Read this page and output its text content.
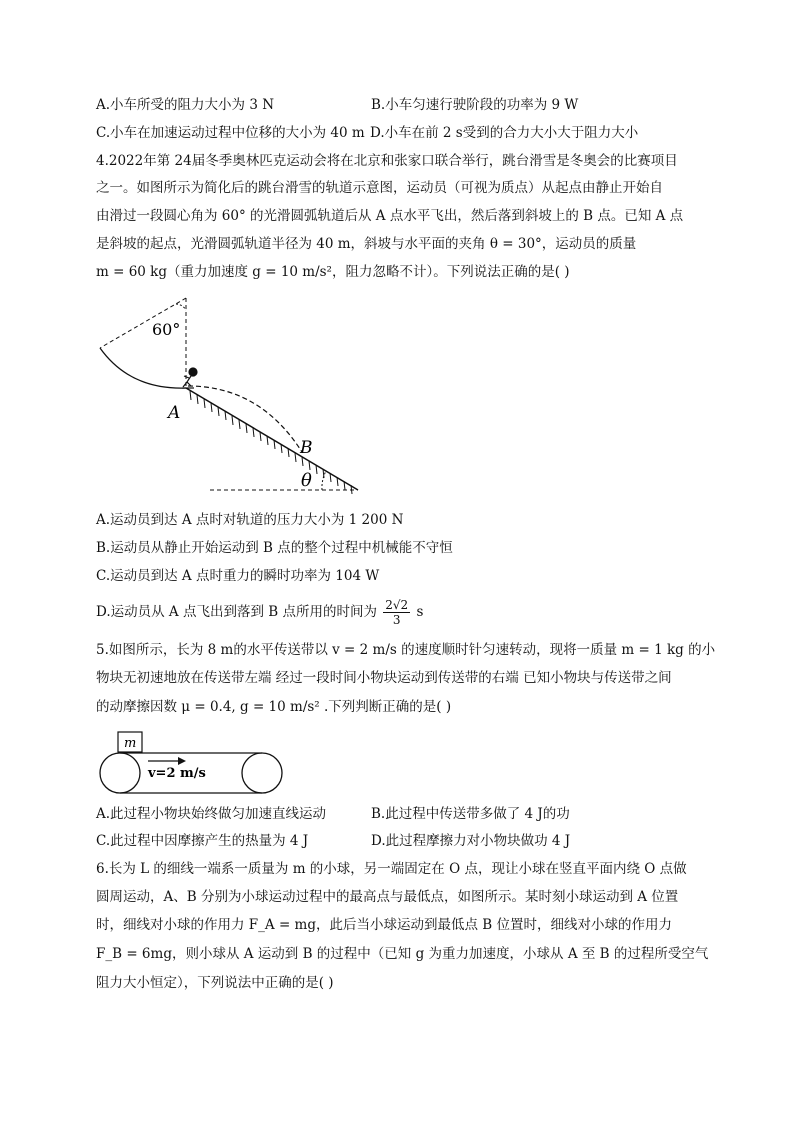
A.小车所受的阻力大小为 3 N	B.小车匀速行驶阶段的功率为 9 W
C.小车在加速运动过程中位移的大小为 40 m D.小车在前 2 s受到的合力大小大于阻力大小
4.2022年第 24届冬季奥林匹克运动会将在北京和张家口联合举行，跳台滑雪是冬奥会的比赛项目
之一。如图所示为简化后的跳台滑雪的轨道示意图，运动员（可视为质点）从起点由静止开始自
由滑过一段圆心角为 60° 的光滑圆弧轨道后从 A 点水平飞出，然后落到斜坡上的 B 点。已知 A 点
是斜坡的起点，光滑圆弧轨道半径为 40 m，斜坡与水平面的夹角 θ = 30°，运动员的质量
m = 60 kg（重力加速度 g = 10 m/s²，阻力忽略不计）。下列说法正确的是( )
60°
A
B
θ
A.运动员到达 A 点时对轨道的压力大小为 1 200 N
B.运动员从静止开始运动到 B 点的整个过程中机械能不守恒
C.运动员到达 A 点时重力的瞬时功率为 104 W
D.运动员从 A 点飞出到落到 B 点所用的时间为 $\frac{2√2}{3}$ s
5.如图所示，长为 8 m的水平传送带以 v = 2 m/s 的速度顺时针匀速转动，现将一质量 m = 1 kg 的小
物块无初速地放在传送带左端 经过一段时间小物块运动到传送带的右端 已知小物块与传送带之间
的动摩擦因数 μ = 0.4, g = 10 m/s² .下列判断正确的是( )
m
v=2 m/s
A.此过程小物块始终做匀加速直线运动	B.此过程中传送带多做了 4 J的功
C.此过程中因摩擦产生的热量为 4 J	D.此过程摩擦力对小物块做功 4 J
6.长为 L 的细线一端系一质量为 m 的小球，另一端固定在 O 点，现让小球在竖直平面内绕 O 点做
圆周运动，A、B 分别为小球运动过程中的最高点与最低点，如图所示。某时刻小球运动到 A 位置
时，细线对小球的作用力 F_A = mg，此后当小球运动到最低点 B 位置时，细线对小球的作用力
F_B = 6mg，则小球从 A 运动到 B 的过程中（已知 g 为重力加速度，小球从 A 至 B 的过程所受空气
阻力大小恒定），下列说法中正确的是( )
